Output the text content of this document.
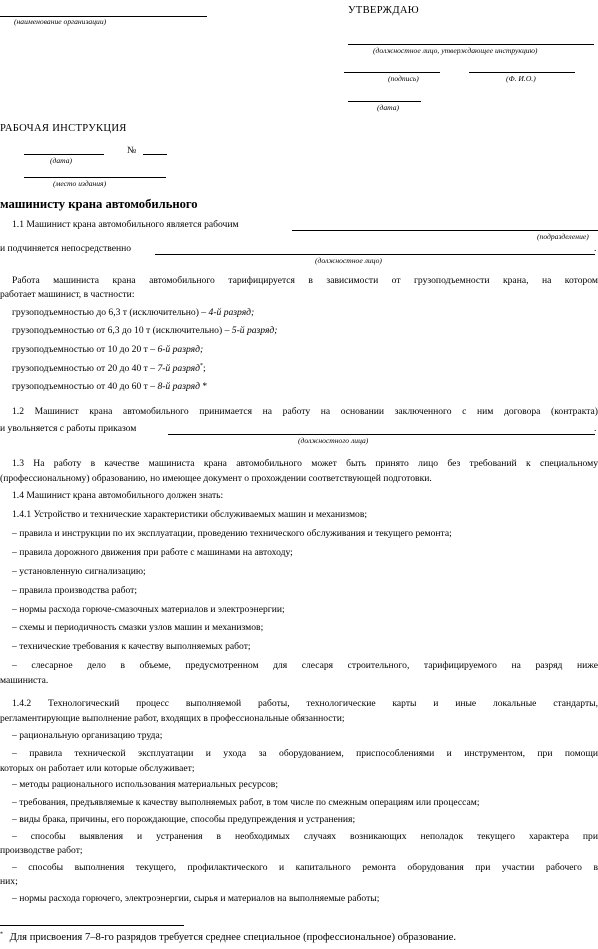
(наименование организации)
УТВЕРЖДАЮ
(должностное лицо, утверждающее инструкцию)
(подпись)	(Ф. И.О.)
(дата)
РАБОЧАЯ ИНСТРУКЦИЯ
№
(дата)
(место издания)
машинисту крана автомобильного
1.1 Машинист крана автомобильного является рабочим
(подразделение)
и подчиняется непосредственно	.
(должностное лицо)
Работа машиниста крана автомобильного тарифицируется в зависимости от грузоподъемности крана, на котором
работает машинист, в частности:
грузоподъемностью до 6,3 т (исключительно) – 4-й разряд;
грузоподъемностью от 6,3 до 10 т (исключительно) – 5-й разряд;
грузоподъемностью от 10 до 20 т – 6-й разряд;
грузоподъемностью от 20 до 40 т – 7-й разряд*;
грузоподъемностью от 40 до 60 т – 8-й разряд *
1.2 Машинист крана автомобильного принимается на работу на основании заключенного с ним договора (контракта)
и увольняется с работы приказом	.
(должностного лица)
1.3 На работу в качестве машиниста крана автомобильного может быть принято лицо без требований к специальному
(профессиональному) образованию, но имеющее документ о прохождении соответствующей подготовки.
1.4 Машинист крана автомобильного должен знать:
1.4.1 Устройство и технические характеристики обслуживаемых машин и механизмов;
– правила и инструкции по их эксплуатации, проведению технического обслуживания и текущего ремонта;
– правила дорожного движения при работе с машинами на автоходу;
– установленную сигнализацию;
– правила производства работ;
– нормы расхода горюче-смазочных материалов и электроэнергии;
– схемы и периодичность смазки узлов машин и механизмов;
– технические требования к качеству выполняемых работ;
– слесарное дело в объеме, предусмотренном для слесаря строительного, тарифицируемого на разряд ниже
машиниста.
1.4.2 Технологический процесс выполняемой работы, технологические карты и иные локальные стандарты,
регламентирующие выполнение работ, входящих в профессиональные обязанности;
– рациональную организацию труда;
– правила технической эксплуатации и ухода за оборудованием, приспособлениями и инструментом, при помощи
которых он работает или которые обслуживает;
– методы рационального использования материальных ресурсов;
– требования, предъявляемые к качеству выполняемых работ, в том числе по смежным операциям или процессам;
– виды брака, причины, его порождающие, способы предупреждения и устранения;
– способы выявления и устранения в необходимых случаях возникающих неполадок текущего характера при
производстве работ;
– способы выполнения текущего, профилактического и капитального ремонта оборудования при участии рабочего в
них;
– нормы расхода горючего, электроэнергии, сырья и материалов на выполняемые работы;
* Для присвоения 7–8-го разрядов требуется среднее специальное (профессиональное) образование.
